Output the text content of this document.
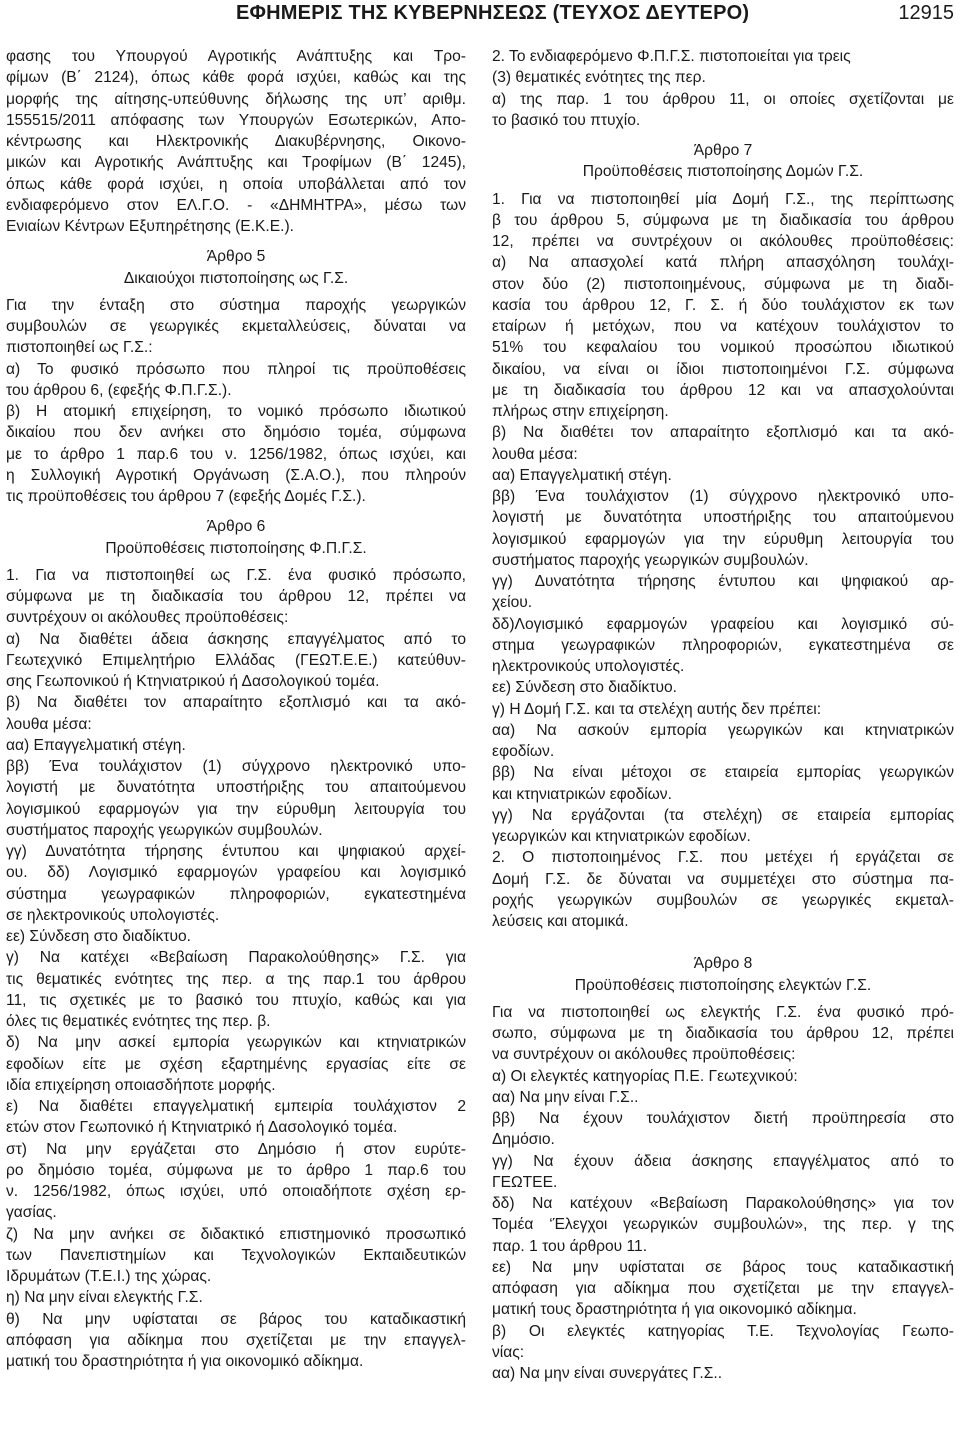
ΕΦΗΜΕΡΙΣ ΤΗΣ ΚΥΒΕΡΝΗΣΕΩΣ (ΤΕΥΧΟΣ ΔΕΥΤΕΡΟ)	12915

φασης του Υπουργού Αγροτικής Ανάπτυξης και Τρο-

φίμων (Β΄ 2124), όπως κάθε φορά ισχύει, καθώς και της

μορφής της αίτησης-υπεύθυνης δήλωσης της υπ’ αριθμ.

155515/2011 απόφασης των Υπουργών Εσωτερικών, Απο-

κέντρωσης και Ηλεκτρονικής Διακυβέρνησης, Οικονο-

μικών και Αγροτικής Ανάπτυξης και Τροφίμων (Β΄ 1245),

όπως κάθε φορά ισχύει, η οποία υποβάλλεται από τον

ενδιαφερόμενο στον ΕΛ.Γ.Ο. - «ΔΗΜΗΤΡΑ», μέσω των

Ενιαίων Κέντρων Εξυπηρέτησης (Ε.Κ.Ε.).

Άρθρο 5

Δικαιούχοι πιστοποίησης ως Γ.Σ.

Για την ένταξη στο σύστημα παροχής γεωργικών

συμβουλών σε γεωργικές εκμεταλλεύσεις, δύναται να

πιστοποιηθεί ως Γ.Σ.:

α) Το φυσικό πρόσωπο που πληροί τις προϋποθέσεις

του άρθρου 6, (εφεξής Φ.Π.Γ.Σ.).

β) Η ατομική επιχείρηση, το νομικό πρόσωπο ιδιωτικού

δικαίου που δεν ανήκει στο δημόσιο τομέα, σύμφωνα

με το άρθρο 1 παρ.6 του ν. 1256/1982, όπως ισχύει, και

η Συλλογική Αγροτική Οργάνωση (Σ.Α.Ο.), που πληρούν

τις προϋποθέσεις του άρθρου 7 (εφεξής Δομές Γ.Σ.).

Άρθρο 6

Προϋποθέσεις πιστοποίησης Φ.Π.Γ.Σ.

1. Για να πιστοποιηθεί ως Γ.Σ. ένα φυσικό πρόσωπο,

σύμφωνα με τη διαδικασία του άρθρου 12, πρέπει να

συντρέχουν οι ακόλουθες προϋποθέσεις:

α) Να διαθέτει άδεια άσκησης επαγγέλματος από το

Γεωτεχνικό Επιμελητήριο Ελλάδας (ΓΕΩΤ.Ε.Ε.) κατεύθυν-

σης Γεωπονικού ή Κτηνιατρικού ή Δασολογικού τομέα.

β) Να διαθέτει τον απαραίτητο εξοπλισμό και τα ακό-

λουθα μέσα:

αα) Επαγγελματική στέγη.

ββ) Ένα τουλάχιστον (1) σύγχρονο ηλεκτρονικό υπο-

λογιστή με δυνατότητα υποστήριξης του απαιτούμενου

λογισμικού εφαρμογών για την εύρυθμη λειτουργία του

συστήματος παροχής γεωργικών συμβουλών.

γγ) Δυνατότητα τήρησης έντυπου και ψηφιακού αρχεί-

ου. δδ) Λογισμικό εφαρμογών γραφείου και λογισμικό

σύστημα γεωγραφικών πληροφοριών, εγκατεστημένα

σε ηλεκτρονικούς υπολογιστές.

εε) Σύνδεση στο διαδίκτυο.

γ) Να κατέχει «Βεβαίωση Παρακολούθησης» Γ.Σ. για

τις θεματικές ενότητες της περ. α της παρ.1 του άρθρου

11, τις σχετικές με το βασικό του πτυχίο, καθώς και για

όλες τις θεματικές ενότητες της περ. β.

δ) Να μην ασκεί εμπορία γεωργικών και κτηνιατρικών

εφοδίων είτε με σχέση εξαρτημένης εργασίας είτε σε

ιδία επιχείρηση οποιασδήποτε μορφής.

ε) Να διαθέτει επαγγελματική εμπειρία τουλάχιστον 2

ετών στον Γεωπονικό ή Κτηνιατρικό ή Δασολογικό τομέα.

στ) Να μην εργάζεται στο Δημόσιο ή στον ευρύτε-

ρο δημόσιο τομέα, σύμφωνα με το άρθρο 1 παρ.6 του

ν. 1256/1982, όπως ισχύει, υπό οποιαδήποτε σχέση ερ-

γασίας.

ζ) Να μην ανήκει σε διδακτικό επιστημονικό προσωπικό

των Πανεπιστημίων και Τεχνολογικών Εκπαιδευτικών

Ιδρυμάτων (Τ.Ε.Ι.) της χώρας.

η) Να μην είναι ελεγκτής Γ.Σ.

θ) Να μην υφίσταται σε βάρος του καταδικαστική

απόφαση για αδίκημα που σχετίζεται με την επαγγελ-

ματική του δραστηριότητα ή για οικονομικό αδίκημα.

2. Το ενδιαφερόμενο Φ.Π.Γ.Σ. πιστοποιείται για τρεις

(3) θεματικές ενότητες της περ.

α) της παρ. 1 του άρθρου 11, οι οποίες σχετίζονται με

το βασικό του πτυχίο.

Άρθρο 7

Προϋποθέσεις πιστοποίησης Δομών Γ.Σ.

1. Για να πιστοποιηθεί μία Δομή Γ.Σ., της περίπτωσης

β του άρθρου 5, σύμφωνα με τη διαδικασία του άρθρου

12, πρέπει να συντρέχουν οι ακόλουθες προϋποθέσεις:

α) Να απασχολεί κατά πλήρη απασχόληση τουλάχι-

στον δύο (2) πιστοποιημένους, σύμφωνα με τη διαδι-

κασία του άρθρου 12, Γ. Σ. ή δύο τουλάχιστον εκ των

εταίρων ή μετόχων, που να κατέχουν τουλάχιστον το

51% του κεφαλαίου του νομικού προσώπου ιδιωτικού

δικαίου, να είναι οι ίδιοι πιστοποιημένοι Γ.Σ. σύμφωνα

με τη διαδικασία του άρθρου 12 και να απασχολούνται

πλήρως στην επιχείρηση.

β) Να διαθέτει τον απαραίτητο εξοπλισμό και τα ακό-

λουθα μέσα:

αα) Επαγγελματική στέγη.

ββ) Ένα τουλάχιστον (1) σύγχρονο ηλεκτρονικό υπο-

λογιστή με δυνατότητα υποστήριξης του απαιτούμενου

λογισμικού εφαρμογών για την εύρυθμη λειτουργία του

συστήματος παροχής γεωργικών συμβουλών.

γγ) Δυνατότητα τήρησης έντυπου και ψηφιακού αρ-

χείου.

δδ)Λογισμικό εφαρμογών γραφείου και λογισμικό σύ-

στημα γεωγραφικών πληροφοριών, εγκατεστημένα σε

ηλεκτρονικούς υπολογιστές.

εε) Σύνδεση στο διαδίκτυο.

γ) Η Δομή Γ.Σ. και τα στελέχη αυτής δεν πρέπει:

αα) Να ασκούν εμπορία γεωργικών και κτηνιατρικών

εφοδίων.

ββ) Να είναι μέτοχοι σε εταιρεία εμπορίας γεωργικών

και κτηνιατρικών εφοδίων.

γγ) Να εργάζονται (τα στελέχη) σε εταιρεία εμπορίας

γεωργικών και κτηνιατρικών εφοδίων.

2. Ο πιστοποιημένος Γ.Σ. που μετέχει ή εργάζεται σε

Δομή Γ.Σ. δε δύναται να συμμετέχει στο σύστημα πα-

ροχής γεωργικών συμβουλών σε γεωργικές εκμεταλ-

λεύσεις και ατομικά.

Άρθρο 8

Προϋποθέσεις πιστοποίησης ελεγκτών Γ.Σ.

Για να πιστοποιηθεί ως ελεγκτής Γ.Σ. ένα φυσικό πρό-

σωπο, σύμφωνα με τη διαδικασία του άρθρου 12, πρέπει

να συντρέχουν οι ακόλουθες προϋποθέσεις:

α) Οι ελεγκτές κατηγορίας Π.Ε. Γεωτεχνικού:

αα) Να μην είναι Γ.Σ..

ββ) Να έχουν τουλάχιστον διετή προϋπηρεσία στο

Δημόσιο.

γγ) Να έχουν άδεια άσκησης επαγγέλματος από το

ΓΕΩΤΕΕ.

δδ) Να κατέχουν «Βεβαίωση Παρακολούθησης» για τον

Τομέα ‘Έλεγχοι γεωργικών συμβουλών», της περ. γ της

παρ. 1 του άρθρου 11.

εε) Να μην υφίσταται σε βάρος τους καταδικαστική

απόφαση για αδίκημα που σχετίζεται με την επαγγελ-

ματική τους δραστηριότητα ή για οικονομικό αδίκημα.

β) Οι ελεγκτές κατηγορίας Τ.Ε. Τεχνολογίας Γεωπο-

νίας:

αα) Να μην είναι συνεργάτες Γ.Σ..
